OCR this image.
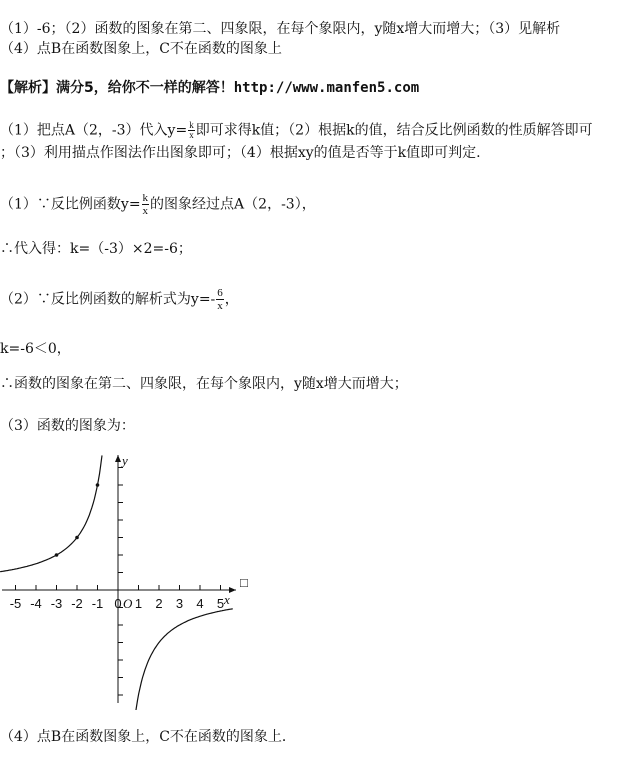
（1）-6；（2）函数的图象在第二、四象限，在每个象限内，y随x增大而增大；（3）见解析
（4）点B在函数图象上，C不在函数的图象上
【解析】满分5，给你不一样的解答！http://www.manfen5.com
（1）把点A（2，-3）代入$y= \frac{k}{x}$ 即可求得k值；（2）根据k的值，结合反比例函数的性质解答即可
；（3）利用描点作图法作出图象即可；（4）根据xy的值是否等于k值即可判定.
（1）∵反比例函数$y= \frac{k}{x}$ 的图象经过点A（2，-3），
∴代入得：k=（-3）×2=-6；
（2）∵反比例函数的解析式为$y=- \frac{6}{x}$ ，
k=-6＜0，
∴函数的图象在第二、四象限，在每个象限内，y随x增大而增大；
（3）函数的图象为：
-5 -4 -3 -2 -1 0 1 2 3 4 5
O	x
y
□
（4）点B在函数图象上，C不在函数的图象上．
